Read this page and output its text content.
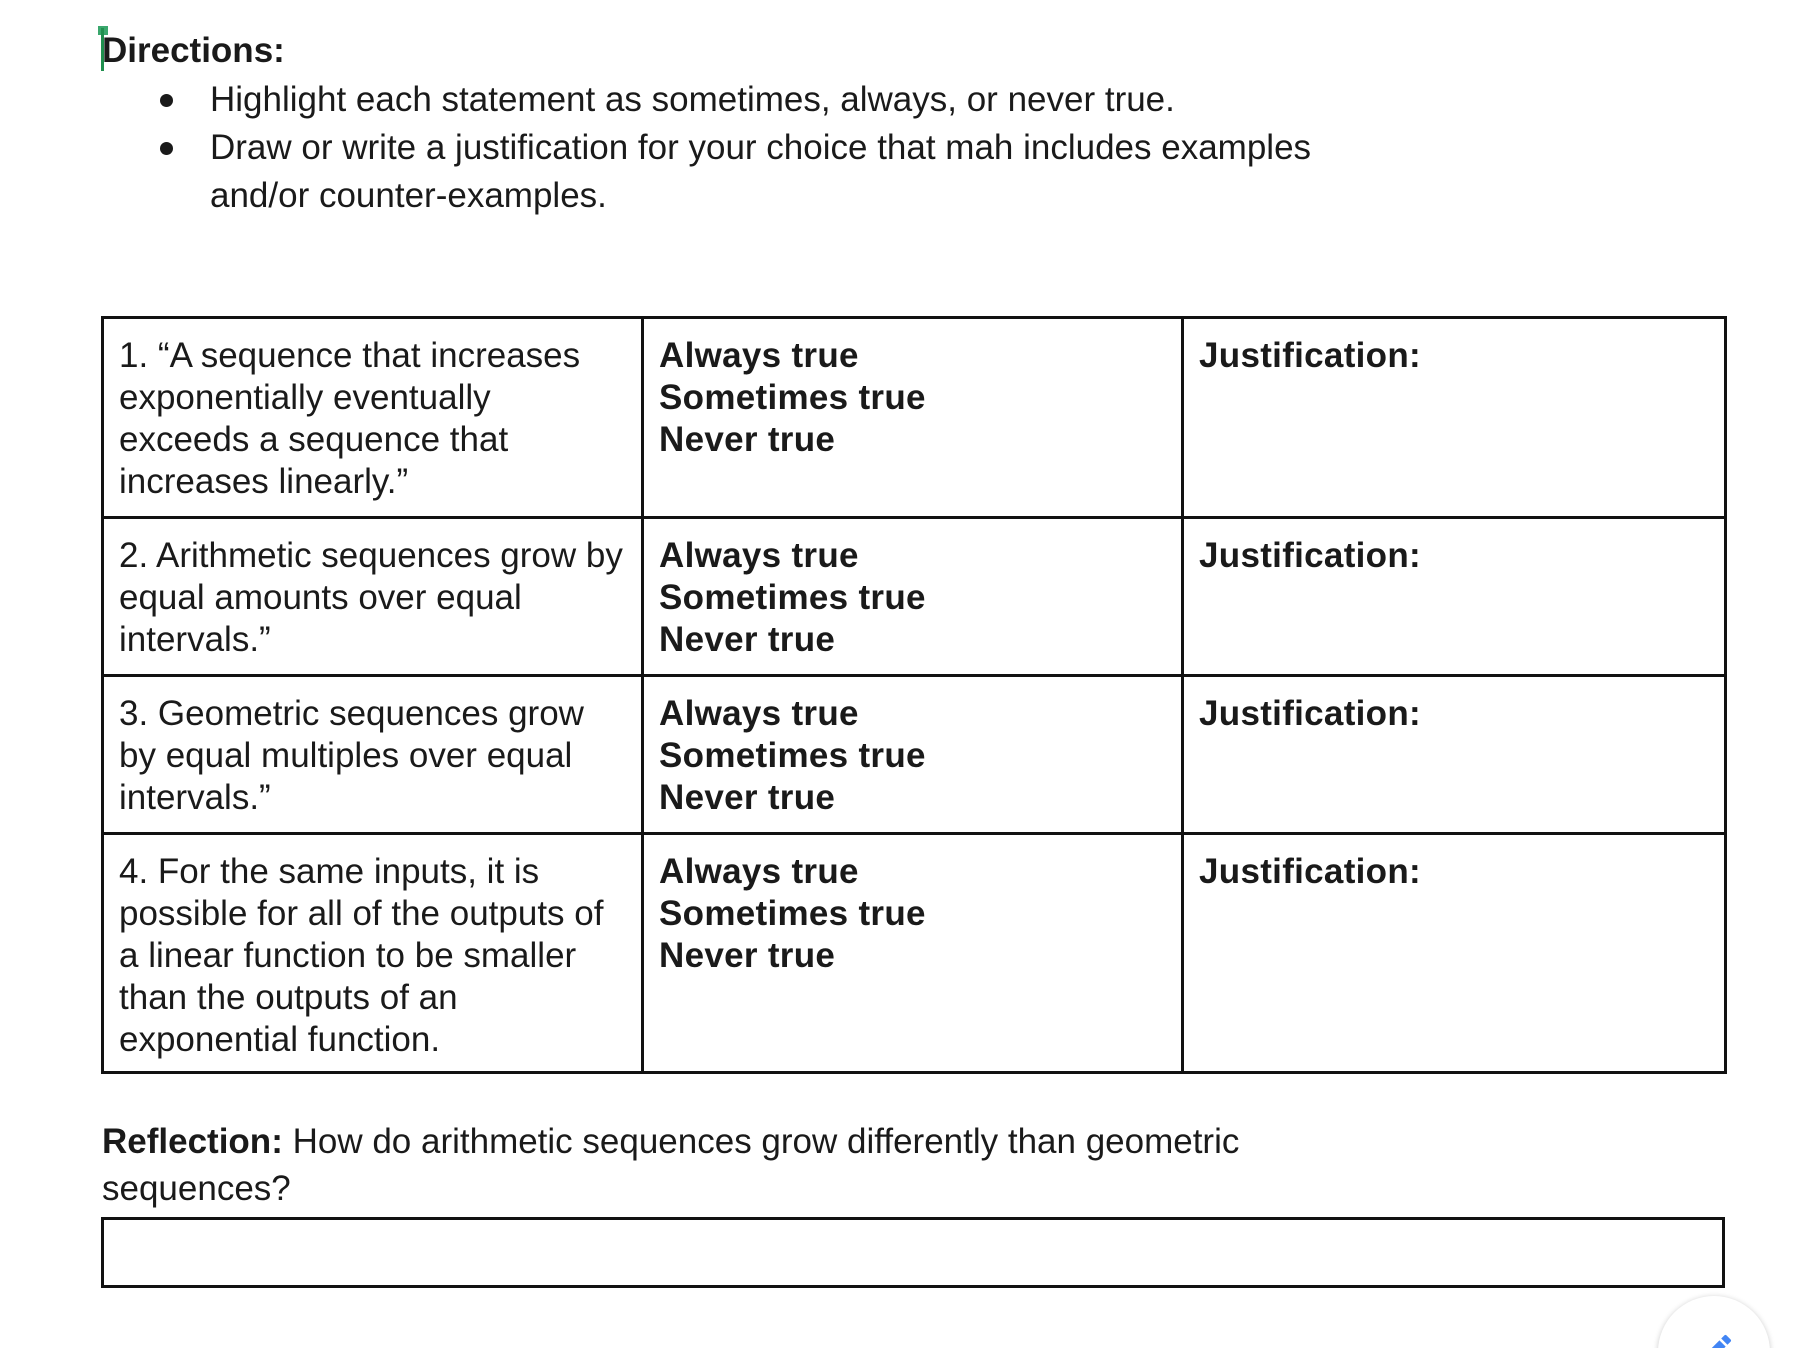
Directions:
Highlight each statement as sometimes, always, or never true.
Draw or write a justification for your choice that mah includes examples and/or counter-examples.
1. “A sequence that increases exponentially eventually exceeds a sequence that increases linearly.”	Always true
Sometimes true
Never true	Justification:
2. Arithmetic sequences grow by equal amounts over equal intervals.”	Always true
Sometimes true
Never true	Justification:
3. Geometric sequences grow by equal multiples over equal intervals.”	Always true
Sometimes true
Never true	Justification:
4. For the same inputs, it is possible for all of the outputs of a linear function to be smaller than the outputs of an exponential function.	Always true
Sometimes true
Never true	Justification:
Reflection: How do arithmetic sequences grow differently than geometric sequences?
